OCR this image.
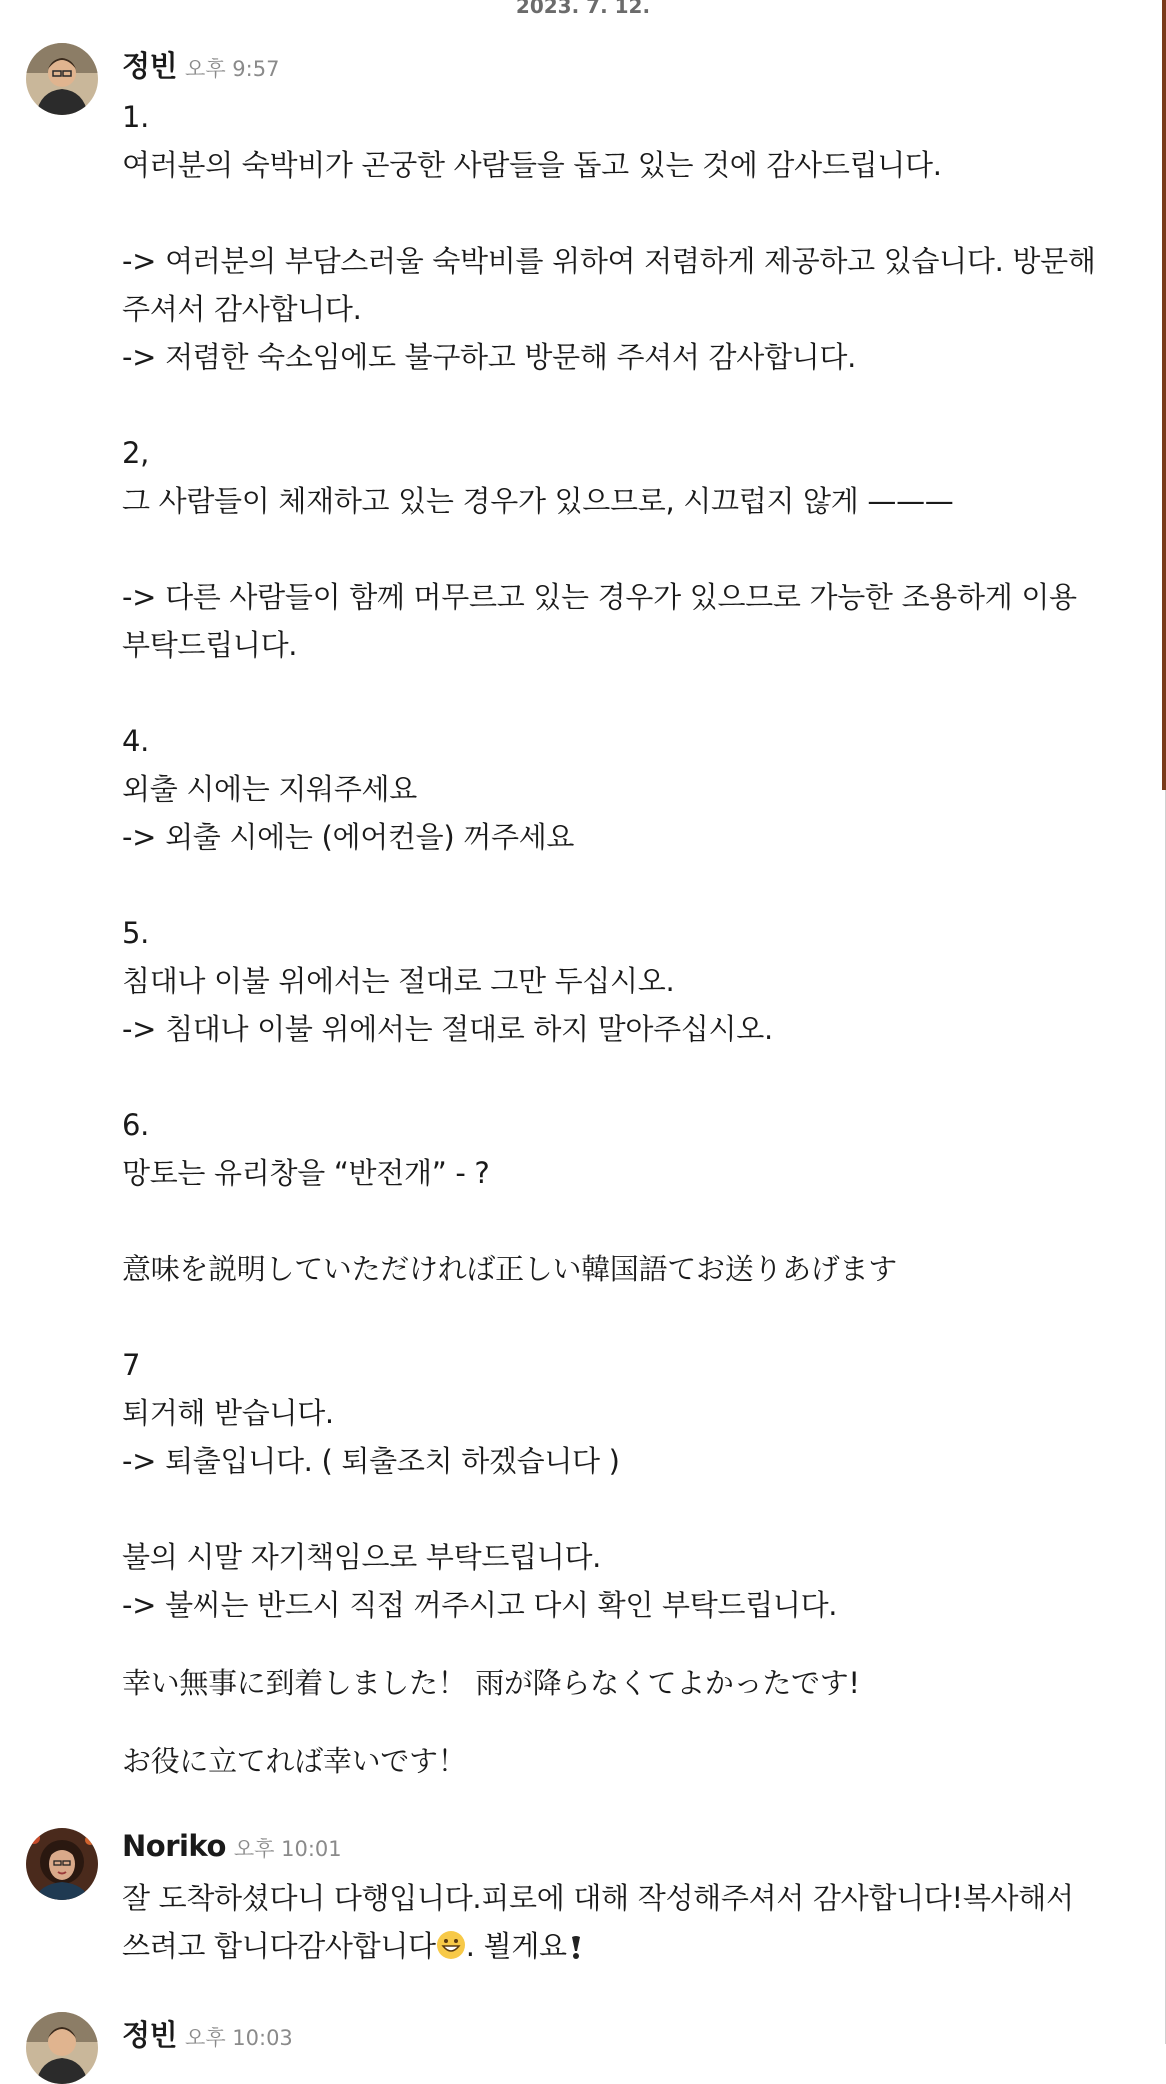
2023. 7. 12.
정빈 오후 9:57
1.
여러분의 숙박비가 곤궁한 사람들을 돕고 있는 것에 감사드립니다.
-> 여러분의 부담스러울 숙박비를 위하여 저렴하게 제공하고 있습니다. 방문해
주셔서 감사합니다.
-> 저렴한 숙소임에도 불구하고 방문해 주셔서 감사합니다.
2,
그 사람들이 체재하고 있는 경우가 있으므로, 시끄럽지 않게 ———
-> 다른 사람들이 함께 머무르고 있는 경우가 있으므로 가능한 조용하게 이용
부탁드립니다.
4.
외출 시에는 지워주세요
-> 외출 시에는 (에어컨을) 꺼주세요
5.
침대나 이불 위에서는 절대로 그만 두십시오.
-> 침대나 이불 위에서는 절대로 하지 말아주십시오.
6.
망토는 유리창을 “반전개” - ?
意味を説明していただければ正しい韓国語てお送りあげます
7
퇴거해 받습니다.
-> 퇴출입니다. ( 퇴출조치 하겠습니다 )
불의 시말 자기책임으로 부탁드립니다.
-> 불씨는 반드시 직접 꺼주시고 다시 확인 부탁드립니다.
幸い無事に到着しました！ 雨が降らなくてよかったです!
お役に立てれば幸いです！
Noriko 오후 10:01
잘 도착하셨다니 다행입니다.피로에 대해 작성해주셔서 감사합니다!복사해서
쓰려고 합니다감사합니다 . 뵐게요
정빈 오후 10:03
